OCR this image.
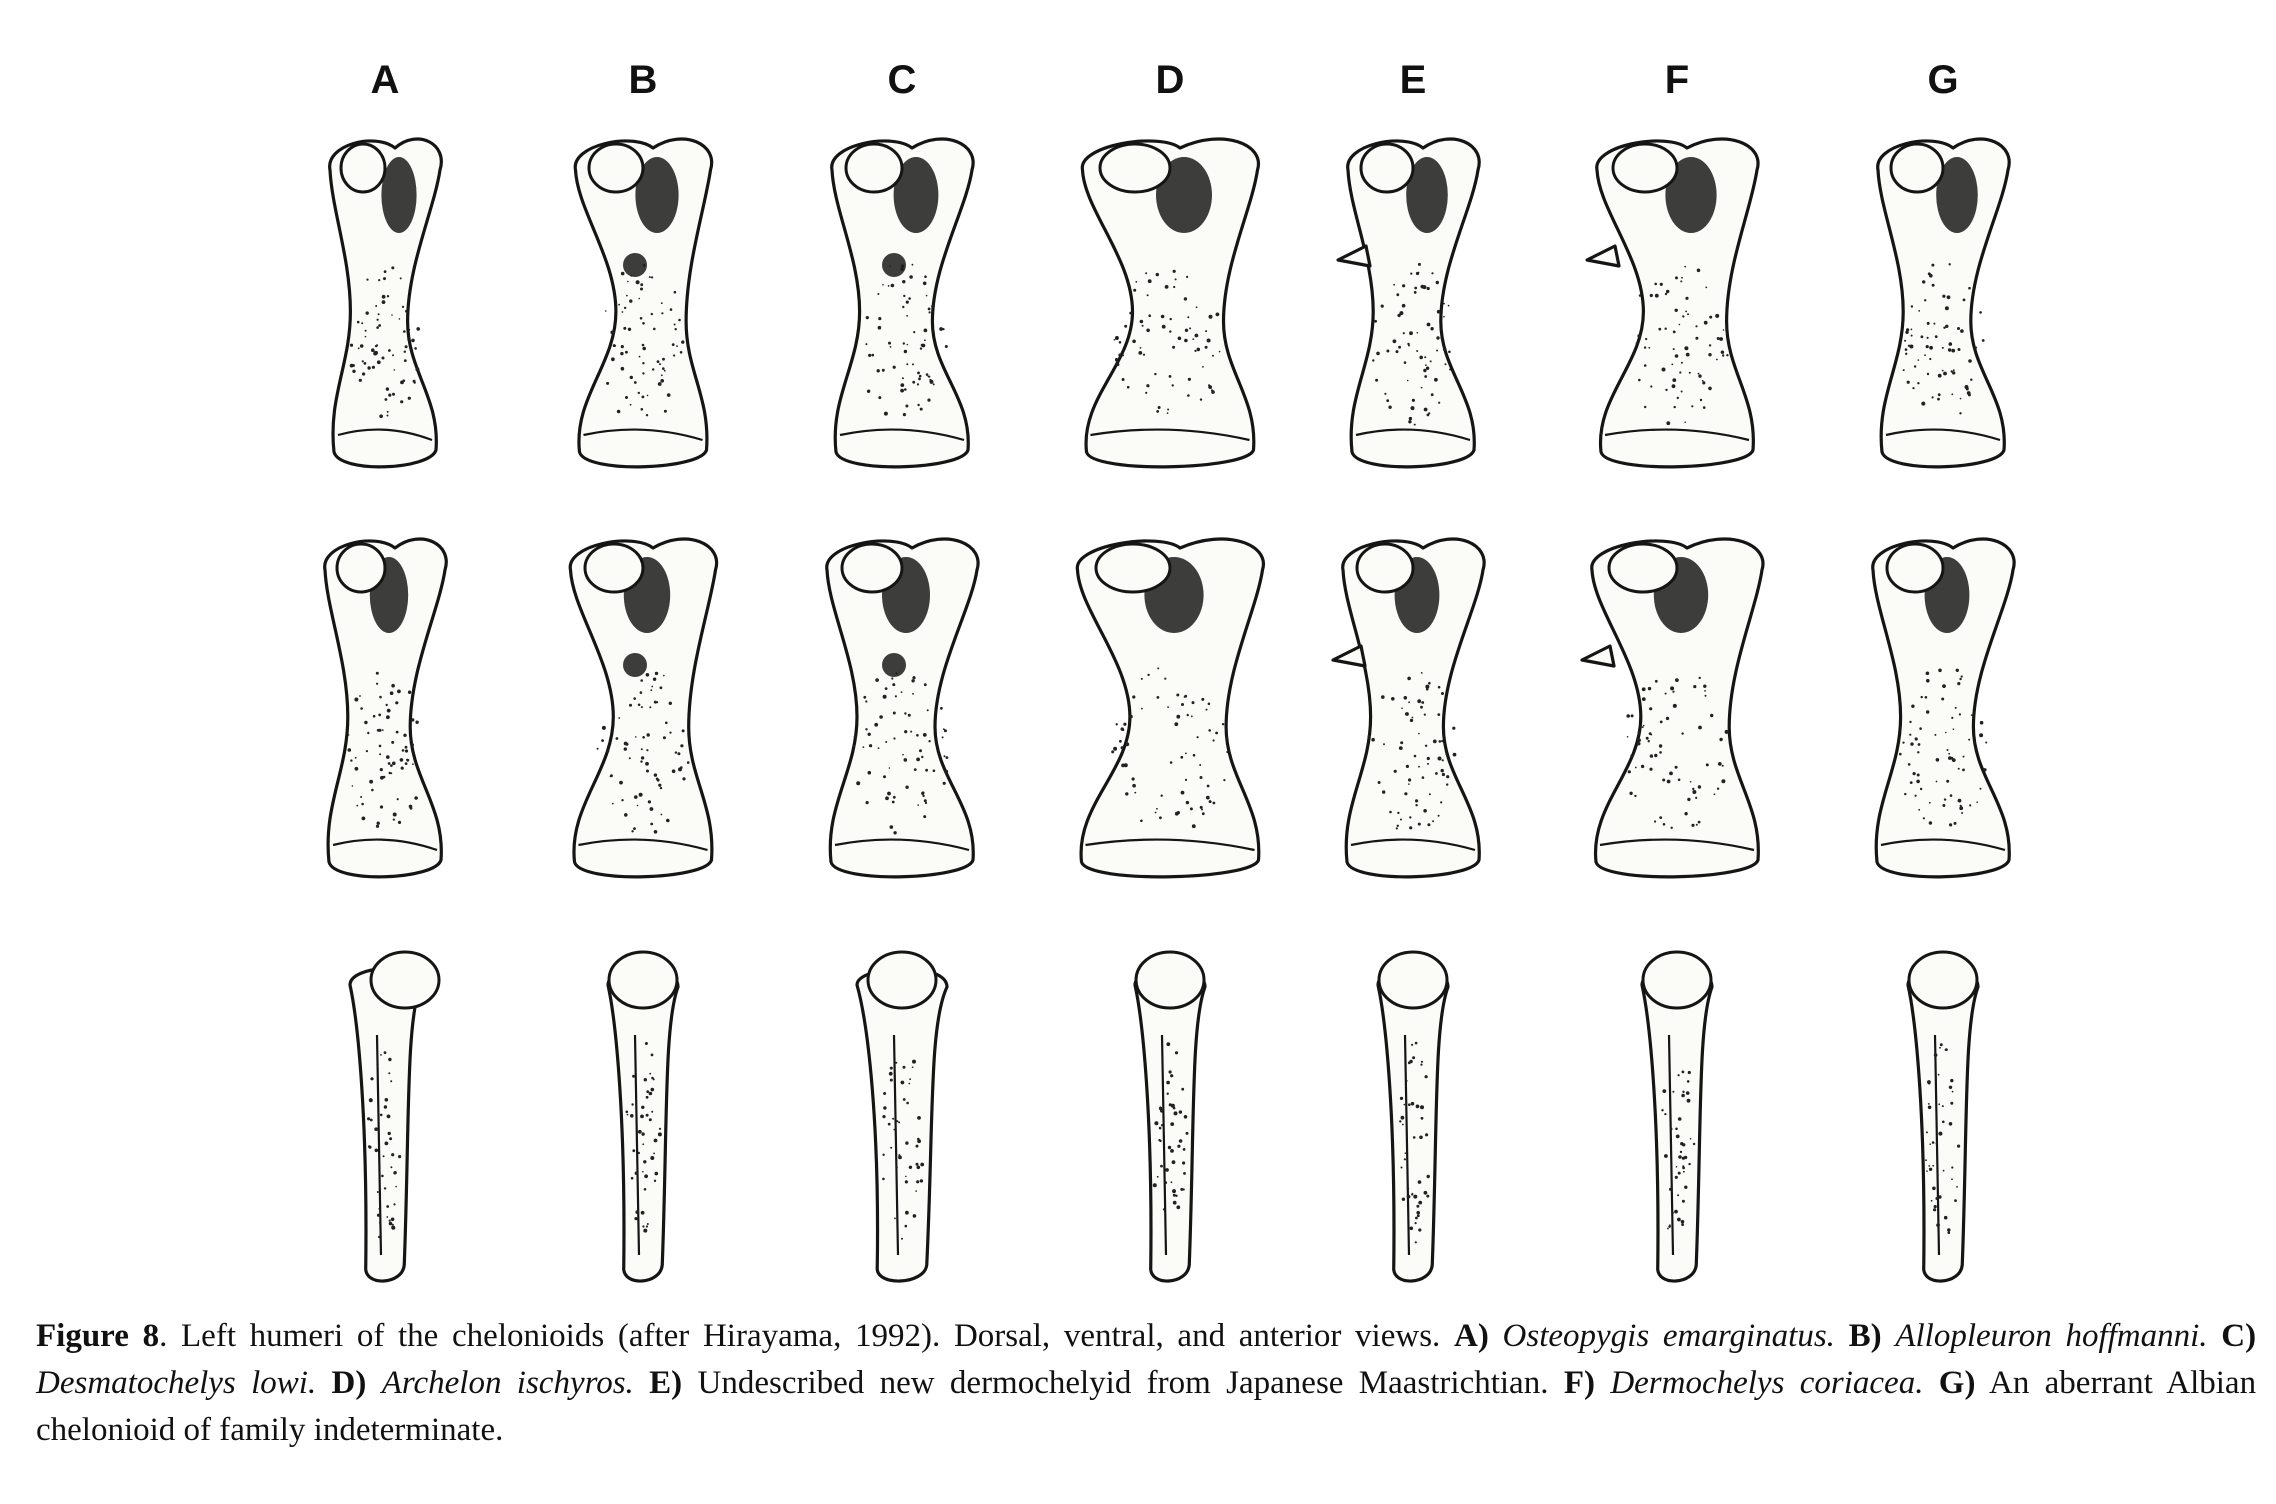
A	B	C	D	E	F	G
Figure 8. Left humeri of the chelonioids (after Hirayama, 1992). Dorsal, ventral, and anterior views. A) Osteopygis emarginatus. B) Allopleuron hoffmanni. C) Desmatochelys lowi. D) Archelon ischyros. E) Undescribed new dermochelyid from Japanese Maastrichtian. F) Dermochelys coriacea. G) An aberrant Albian chelonioid of family indeterminate.
